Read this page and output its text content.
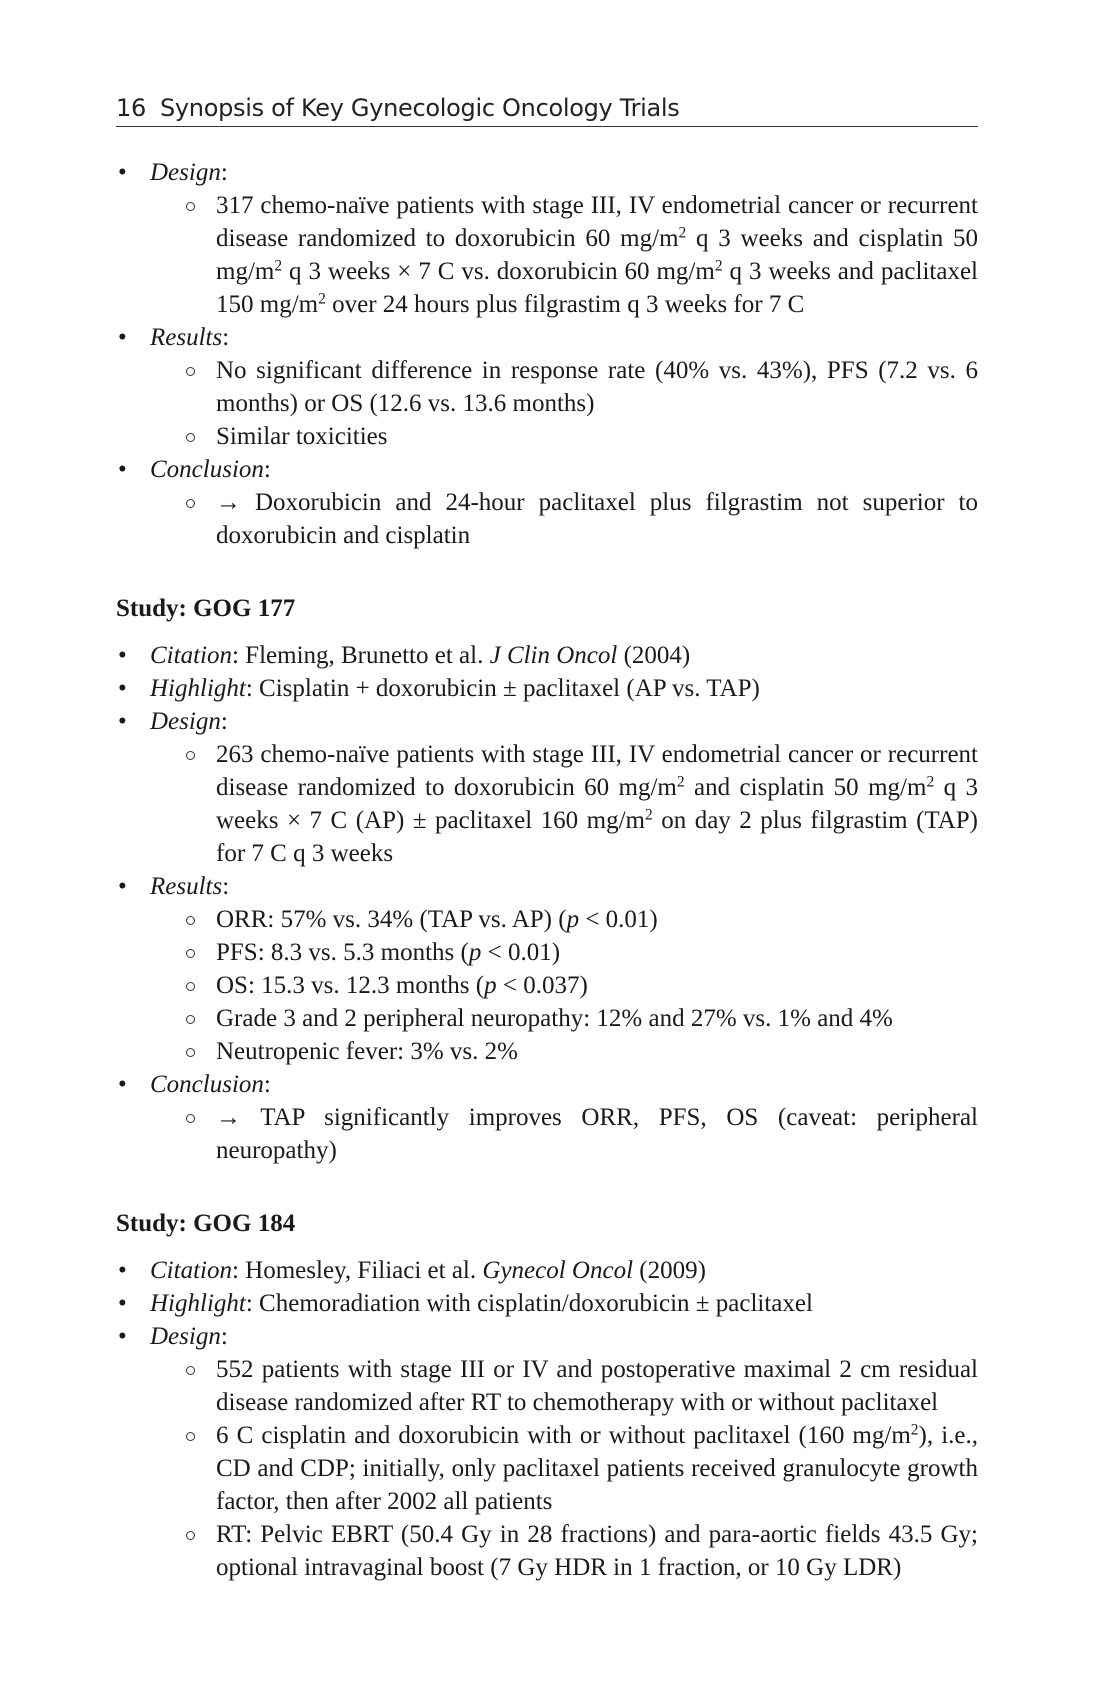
16 Synopsis of Key Gynecologic Oncology Trials
• Design:
317 chemo-naïve patients with stage III, IV endometrial cancer or recurrent disease randomized to doxorubicin 60 $mg/m^2$ q 3 weeks and cisplatin 50 $mg/m^2$ q 3 weeks × 7 C vs. doxorubicin 60 $mg/m^2$ q 3 weeks and paclitaxel 150 $mg/m^2$ over 24 hours plus filgrastim q 3 weeks for 7 C
• Results:
No significant difference in response rate (40% vs. 43%), PFS (7.2 vs. 6 months) or OS (12.6 vs. 13.6 months)
Similar toxicities
• Conclusion:
→ Doxorubicin and 24-hour paclitaxel plus filgrastim not superior to doxorubicin and cisplatin
Study: GOG 177
• Citation: Fleming, Brunetto et al. J Clin Oncol (2004)
• Highlight: Cisplatin + doxorubicin ± paclitaxel (AP vs. TAP)
• Design:
263 chemo-naïve patients with stage III, IV endometrial cancer or recurrent disease randomized to doxorubicin 60 $mg/m^2$ and cisplatin 50 $mg/m^2$ q 3 weeks × 7 C (AP) ± paclitaxel 160 $mg/m^2$ on day 2 plus filgrastim (TAP) for 7 C q 3 weeks
• Results:
ORR: 57% vs. 34% (TAP vs. AP) (p < 0.01)
PFS: 8.3 vs. 5.3 months (p < 0.01)
OS: 15.3 vs. 12.3 months (p < 0.037)
Grade 3 and 2 peripheral neuropathy: 12% and 27% vs. 1% and 4%
Neutropenic fever: 3% vs. 2%
• Conclusion:
→ TAP significantly improves ORR, PFS, OS (caveat: peripheral neuropathy)
Study: GOG 184
• Citation: Homesley, Filiaci et al. Gynecol Oncol (2009)
• Highlight: Chemoradiation with cisplatin/doxorubicin ± paclitaxel
• Design:
552 patients with stage III or IV and postoperative maximal 2 cm residual disease randomized after RT to chemotherapy with or without paclitaxel
6 C cisplatin and doxorubicin with or without paclitaxel (160 $mg/m^2$), i.e., CD and CDP; initially, only paclitaxel patients received granulocyte growth factor, then after 2002 all patients
RT: Pelvic EBRT (50.4 Gy in 28 fractions) and para-aortic fields 43.5 Gy; optional intravaginal boost (7 Gy HDR in 1 fraction, or 10 Gy LDR)
